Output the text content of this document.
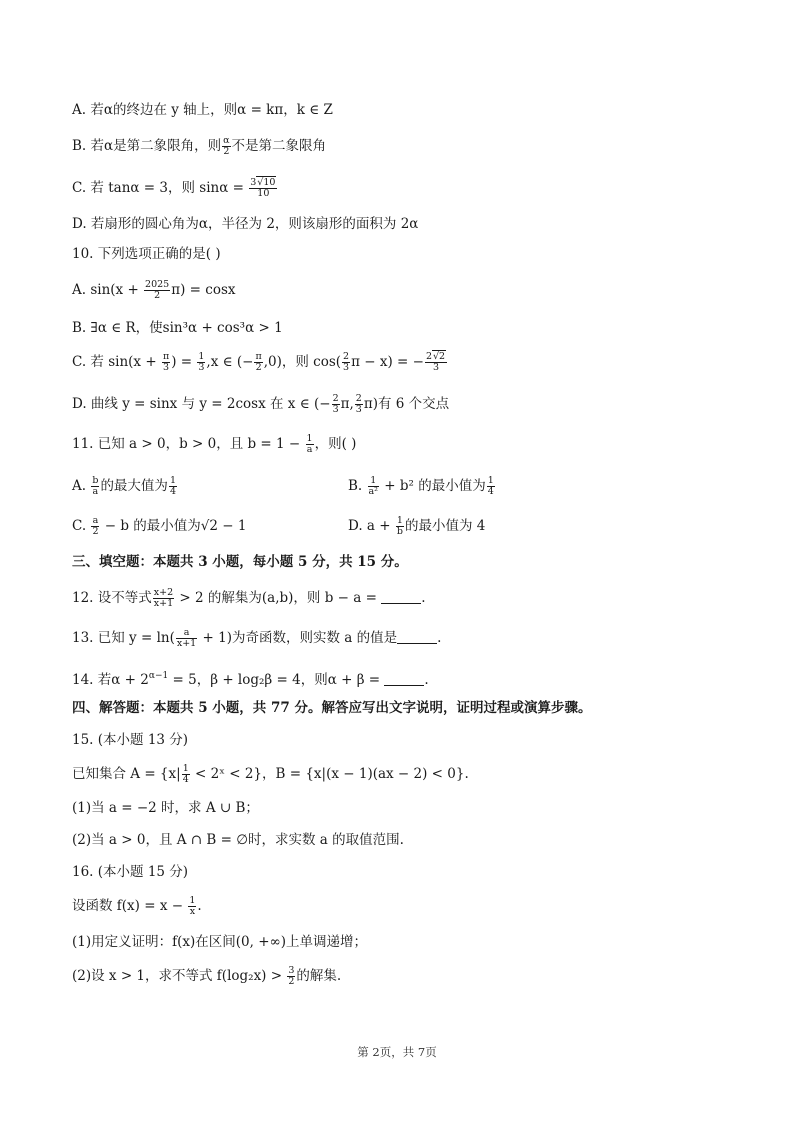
A. 若α的终边在 y 轴上，则α = kπ，k ∈ Z
B. 若α是第二象限角，则 $\frac{\alpha}{2}$ 不是第二象限角
C. 若 tanα = 3，则 $\sin\alpha = \frac{3√10}{10}$
D. 若扇形的圆心角为α，半径为 2，则该扇形的面积为 2α
10. 下列选项正确的是( )
A. $\sin(x + \frac{2025}{2} \pi) = \cos x$
B. ∃α ∈ R，使sin³α + cos³α > 1
C. 若 $\sin(x + \frac{\pi}{3}$ ) = $\frac{1}{3} ,x$ ∈ (− $\frac{\pi}{2} ,0$)，则 $\cos( \frac{2}{3}$ π − x) = − $\frac{2√2}{3}$
D. 曲线 y = sinx 与 y = 2cosx 在 x ∈ (− $\frac{2}{3} \pi$, $\frac{2}{3} \pi$)有 6 个交点
11. 已知 a > 0，b > 0，且 $b = 1 - \frac{1}{a}$ ，则( )
A. $\frac{b}{a}$ 的最大值为 $\frac{1}{4}$	B. $\frac{1}{\text{a²}} + b^2$ 的最小值为 $\frac{1}{4}$
C. $\frac{a}{2} - b$ 的最小值为√2 − 1	D. $a + \frac{1}{b}$ 的最小值为 4
三、填空题：本题共 3 小题，每小题 5 分，共 15 分。
12. 设不等式 $\frac{x+2}{x+1} > 2$ 的解集为(a,b)，则 b − a =	.
13. 已知 $y = \ln( \frac{a}{x+1} + 1)$为奇函数，则实数 a 的值是	.
14. 若$\alpha + 2^{\alpha-1} = 5$，β + log₂β = 4，则α + β =	.
四、解答题：本题共 5 小题，共 77 分。解答应写出文字说明，证明过程或演算步骤。
15. (本小题 13 分)
已知集合 $A = \{x| \frac{1}{4}$ < 2ˣ < 2}，B = {x|(x − 1)(ax − 2) < 0}.
(1)当 a = −2 时，求 A ∪ B；
(2)当 a > 0，且 A ∩ B = ∅时，求实数 a 的取值范围.
16. (本小题 15 分)
设函数 $f(x) = x - \frac{1}{x}$ .
(1)用定义证明：f(x)在区间(0, +∞)上单调递增；
(2)设 x > 1，求不等式 $f(\log_2x) > \frac{3}{2}$ 的解集.
第 2页，共 7页
